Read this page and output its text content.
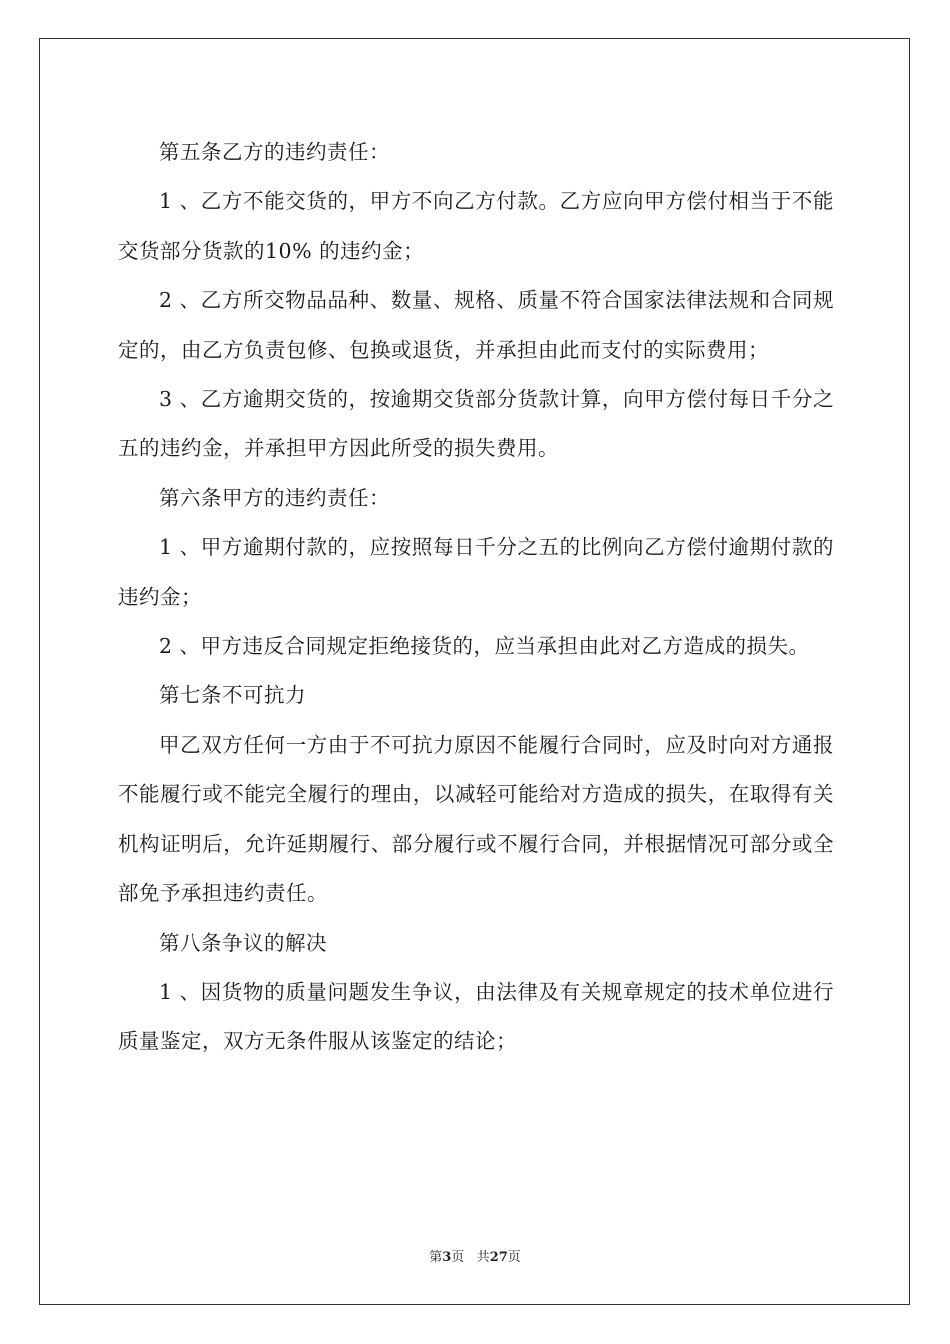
第五条乙方的违约责任：

1 、乙方不能交货的，甲方不向乙方付款。乙方应向甲方偿付相当于不能交货部分货款的10% 的违约金；

2 、乙方所交物品品种、数量、规格、质量不符合国家法律法规和合同规定的，由乙方负责包修、包换或退货，并承担由此而支付的实际费用；

3 、乙方逾期交货的，按逾期交货部分货款计算，向甲方偿付每日千分之五的违约金，并承担甲方因此所受的损失费用。

第六条甲方的违约责任：

1 、甲方逾期付款的，应按照每日千分之五的比例向乙方偿付逾期付款的违约金；

2 、甲方违反合同规定拒绝接货的，应当承担由此对乙方造成的损失。

第七条不可抗力

甲乙双方任何一方由于不可抗力原因不能履行合同时，应及时向对方通报不能履行或不能完全履行的理由，以减轻可能给对方造成的损失，在取得有关机构证明后，允许延期履行、部分履行或不履行合同，并根据情况可部分或全部免予承担违约责任。

第八条争议的解决

1 、因货物的质量问题发生争议，由法律及有关规章规定的技术单位进行质量鉴定，双方无条件服从该鉴定的结论；

第3页 共27页
